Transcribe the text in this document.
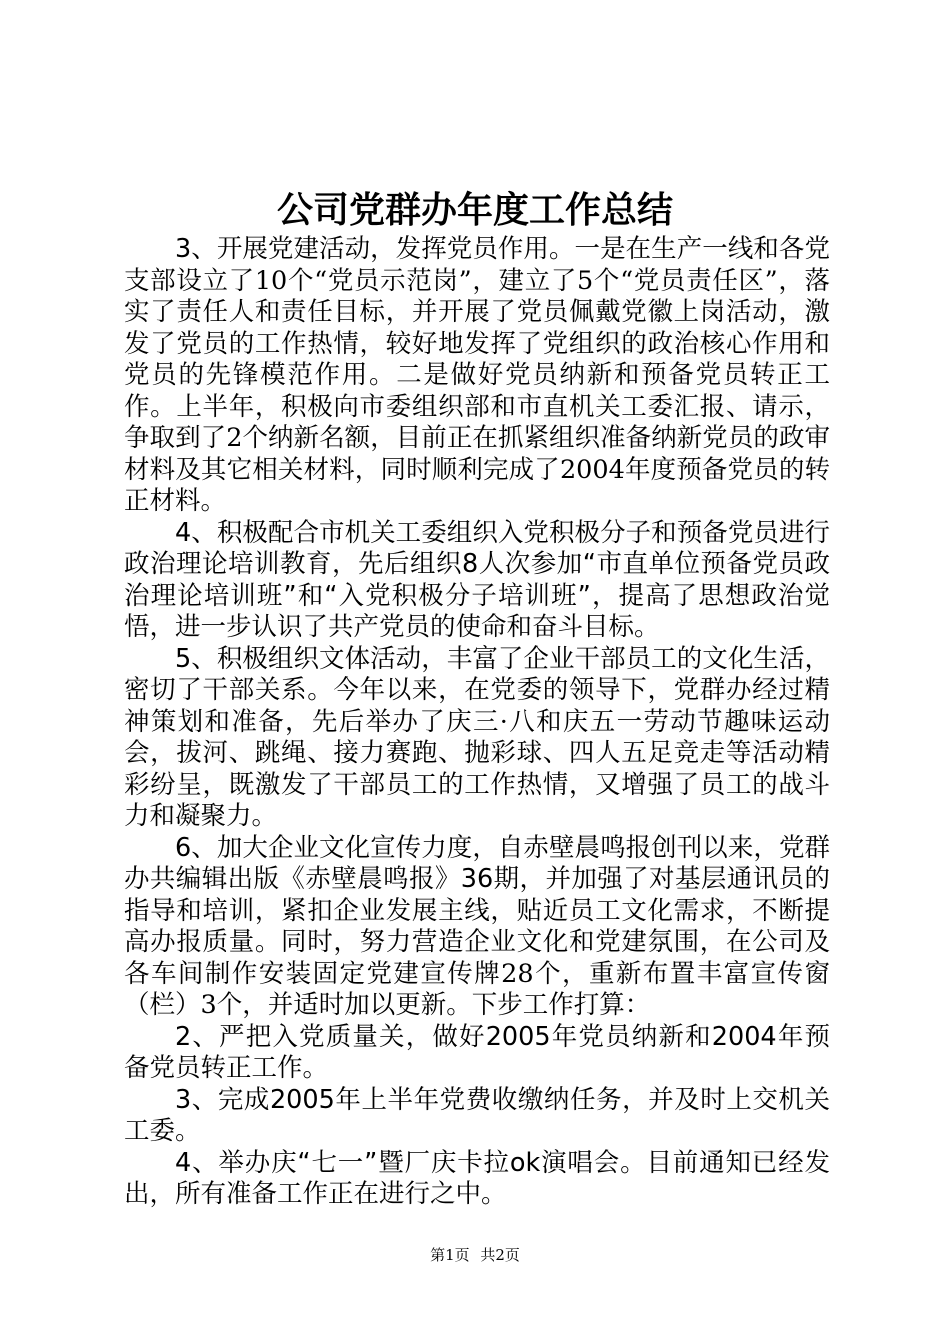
公司党群办年度工作总结

3、开展党建活动，发挥党员作用。一是在生产一线和各党支部设立了10个“党员示范岗”，建立了5个“党员责任区”，落实了责任人和责任目标，并开展了党员佩戴党徽上岗活动，激发了党员的工作热情，较好地发挥了党组织的政治核心作用和党员的先锋模范作用。二是做好党员纳新和预备党员转正工作。上半年，积极向市委组织部和市直机关工委汇报、请示，争取到了2个纳新名额，目前正在抓紧组织准备纳新党员的政审材料及其它相关材料，同时顺利完成了2004年度预备党员的转正材料。

4、积极配合市机关工委组织入党积极分子和预备党员进行政治理论培训教育，先后组织8人次参加“市直单位预备党员政治理论培训班”和“入党积极分子培训班”，提高了思想政治觉悟，进一步认识了共产党员的使命和奋斗目标。

5、积极组织文体活动，丰富了企业干部员工的文化生活，密切了干部关系。今年以来，在党委的领导下，党群办经过精神策划和准备，先后举办了庆三·八和庆五一劳动节趣味运动会，拔河、跳绳、接力赛跑、抛彩球、四人五足竞走等活动精彩纷呈，既激发了干部员工的工作热情，又增强了员工的战斗力和凝聚力。

6、加大企业文化宣传力度，自赤壁晨鸣报创刊以来，党群办共编辑出版《赤壁晨鸣报》36期，并加强了对基层通讯员的指导和培训，紧扣企业发展主线，贴近员工文化需求，不断提高办报质量。同时，努力营造企业文化和党建氛围，在公司及各车间制作安装固定党建宣传牌28个，重新布置丰富宣传窗（栏）3个，并适时加以更新。下步工作打算：

2、严把入党质量关，做好2005年党员纳新和2004年预备党员转正工作。

3、完成2005年上半年党费收缴纳任务，并及时上交机关工委。

4、举办庆“七一”暨厂庆卡拉ok演唱会。目前通知已经发出，所有准备工作正在进行之中。

第1页 共2页
